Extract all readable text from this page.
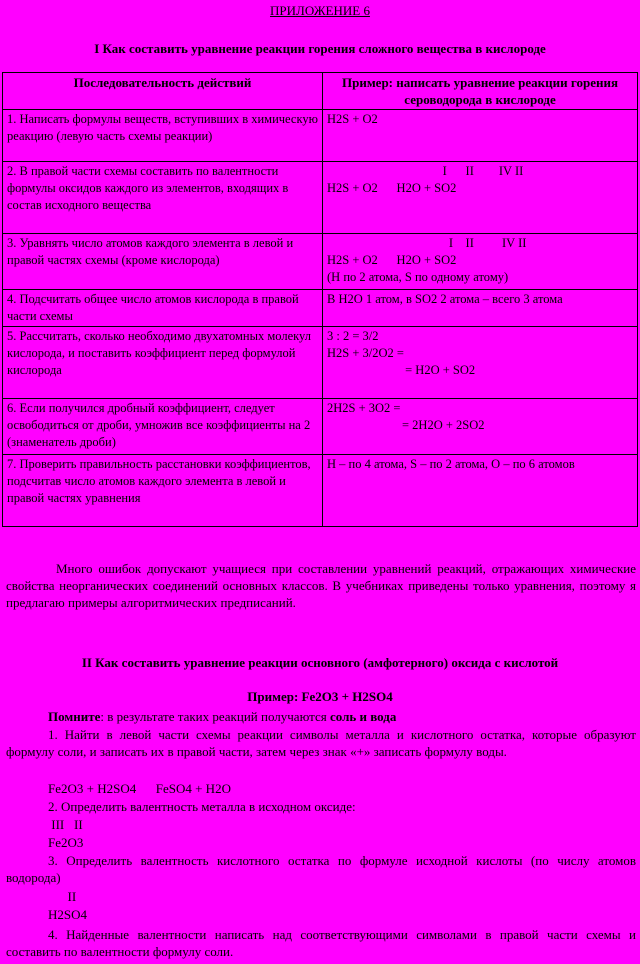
ПРИЛОЖЕНИЕ 6
I Как составить уравнение реакции горения сложного вещества в кислороде
Последовательность действий	Пример: написать уравнение реакции горения сероводорода в кислороде
1. Написать формулы веществ, вступивших в химическую реакцию (левую часть схемы реакции)	H2S + O2

2. В правой части схемы составить по валентности формулы оксидов каждого из элементов, входящих в состав исходного вещества	I      II        IV II
H2S + O2      H2O + SO2

3. Уравнять число атомов каждого элемента в левой и правой частях схемы (кроме кислорода)	I    II         IV II
H2S + O2      H2O + SO2
(Н по 2 атома, S по одному атому)

4. Подсчитать общее число атомов кислорода в правой части схемы	В H2O 1 атом, в SO2 2 атома – всего 3 атома
5. Рассчитать, сколько необходимо двухатомных молекул кислорода, и поставить коэффициент перед формулой кислорода	3 : 2 = 3/2
H2S + 3/2O2 =
= H2O + SO2

6. Если получился дробный коэффициент, следует освободиться от дроби, умножив все коэффициенты на 2 (знаменатель дроби)	2H2S + 3O2 =
= 2H2O + 2SO2

7. Проверить правильность расстановки коэффициентов, подсчитав число атомов каждого элемента в левой и правой частях уравнения	Н – по 4 атома, S – по 2 атома, О – по 6 атомов
Много ошибок допускают учащиеся при составлении уравнений реакций, отражающих химические свойства неорганических соединений основных классов. В учебниках приведены только уравнения, поэтому я предлагаю примеры алгоритмических предписаний.
II Как составить уравнение реакции основного (амфотерного) оксида с кислотой
Пример: Fe2O3 + H2SO4
Помните: в результате таких реакций получаются соль и вода
1. Найти в левой части схемы реакции символы металла и кислотного остатка, которые образуют формулу соли, и записать их в правой части, затем через знак «+» записать формулу воды.
Fe2O3 + H2SO4      FeSO4 + H2O
2. Определить валентность металла в исходном оксиде:
III   II
Fe2O3
3. Определить валентность кислотного остатка по формуле исходной кислоты (по числу атомов водорода)
II
H2SO4
4. Найденные валентности написать над соответствующими символами в правой части схемы и составить по валентности формулу соли.
